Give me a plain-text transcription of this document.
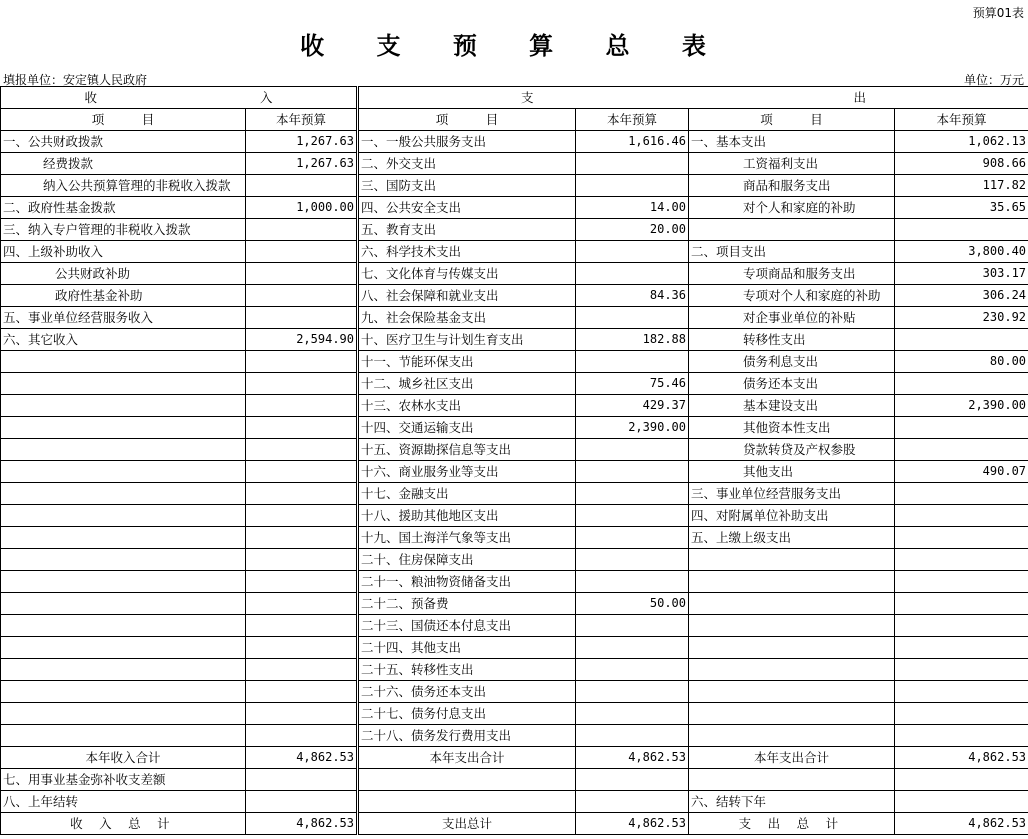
预算01表
收 支 预 算 总 表
填报单位：安定镇人民政府	单位：万元
收 入		支 出			
项　　　目	本年预算	项　　　目	本年预算	项　　　目	本年预算
一、公共财政拨款	1,267.63	一、一般公共服务支出	1,616.46	一、基本支出	1,062.13
经费拨款	1,267.63	二、外交支出		工资福利支出	908.66
纳入公共预算管理的非税收入拨款		三、国防支出		商品和服务支出	117.82
二、政府性基金拨款	1,000.00	四、公共安全支出	14.00	对个人和家庭的补助	35.65
三、纳入专户管理的非税收入拨款		五、教育支出	20.00		
四、上级补助收入		六、科学技术支出		二、项目支出	3,800.40
公共财政补助		七、文化体育与传媒支出		专项商品和服务支出	303.17
政府性基金补助		八、社会保障和就业支出	84.36	专项对个人和家庭的补助	306.24
五、事业单位经营服务收入		九、社会保险基金支出		对企事业单位的补贴	230.92
六、其它收入	2,594.90	十、医疗卫生与计划生育支出	182.88	转移性支出	
		十一、节能环保支出		债务利息支出	80.00
		十二、城乡社区支出	75.46	债务还本支出	
		十三、农林水支出	429.37	基本建设支出	2,390.00
		十四、交通运输支出	2,390.00	其他资本性支出	
		十五、资源勘探信息等支出		贷款转贷及产权参股	
		十六、商业服务业等支出		其他支出	490.07
		十七、金融支出		三、事业单位经营服务支出	
		十八、援助其他地区支出		四、对附属单位补助支出	
		十九、国土海洋气象等支出		五、上缴上级支出	
		二十、住房保障支出			
		二十一、粮油物资储备支出			
		二十二、预备费	50.00		
		二十三、国债还本付息支出			
		二十四、其他支出			
		二十五、转移性支出			
		二十六、债务还本支出			
		二十七、债务付息支出			
		二十八、债务发行费用支出			
本年收入合计	4,862.53	本年支出合计	4,862.53	本年支出合计	4,862.53
七、用事业基金弥补收支差额					
八、上年结转				六、结转下年	
收 入 总 计	4,862.53	支出总计	4,862.53	支 出 总 计	4,862.53
